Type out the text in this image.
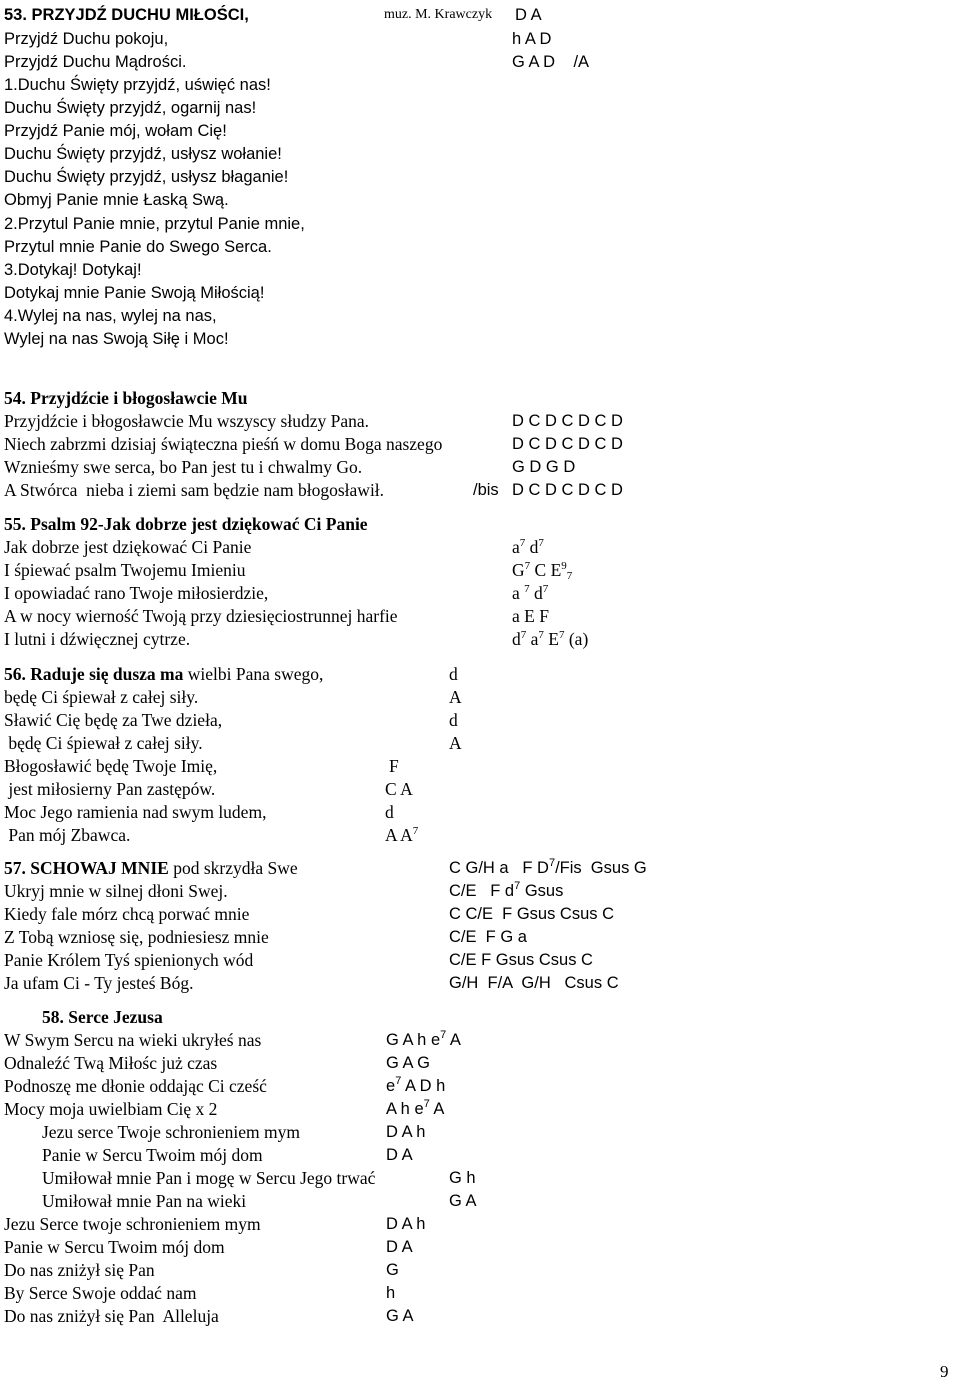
53. PRZYJDŹ DUCHU MIŁOŚCI,	muz. M. Krawczyk D A
Przyjdź Duchu pokoju,	h A D
Przyjdź Duchu Mądrości.	G A D    /A
1.Duchu Święty przyjdź, uświęć nas!
Duchu Święty przyjdź, ogarnij nas!
Przyjdź Panie mój, wołam Cię!
Duchu Święty przyjdź, usłysz wołanie!
Duchu Święty przyjdź, usłysz błaganie!
Obmyj Panie mnie Łaską Swą.
2.Przytul Panie mnie, przytul Panie mnie,
Przytul mnie Panie do Swego Serca.
3.Dotykaj! Dotykaj!
Dotykaj mnie Panie Swoją Miłością!
4.Wylej na nas, wylej na nas,
Wylej na nas Swoją Siłę i Moc!
54. Przyjdźcie i błogosławcie Mu
Przyjdźcie i błogosławcie Mu wszyscy słudzy Pana.	D C D C D C D
Niech zabrzmi dzisiaj świąteczna pieśń w domu Boga naszego	D C D C D C D
Wznieśmy swe serca, bo Pan jest tu i chwalmy Go.	G D G D
A Stwórca  nieba i ziemi sam będzie nam błogosławił.	/bis D C D C D C D
55. Psalm 92-Jak dobrze jest dziękować Ci Panie
Jak dobrze jest dziękować Ci Panie	$a^7$ $d^7$
I śpiewać psalm Twojemu Imieniu	$G^7$ C $E^9_7$
I opowiadać rano Twoje miłosierdzie,	a $^7$ $d^7$
A w nocy wierność Twoją przy dziesięciostrunnej harfie	a E F
I lutni i dźwięcznej cytrze.	$d^7$ $a^7$ $E^7$ (a)
56. Raduje się dusza ma wielbi Pana swego,	d
będę Ci śpiewał z całej siły.	A
Sławić Cię będę za Twe dzieła,	d
będę Ci śpiewał z całej siły.	A
Błogosławić będę Twoje Imię,	F
jest miłosierny Pan zastępów.	C A
Moc Jego ramienia nad swym ludem,	d
Pan mój Zbawca.	A $A^7$
57. SCHOWAJ MNIE pod skrzydła Swe	C G/H a   F $D^7$/Fis  Gsus G
Ukryj mnie w silnej dłoni Swej.	C/E   F $d^7$ Gsus
Kiedy fale mórz chcą porwać mnie	C C/E  F Gsus Csus C
Z Tobą wzniosę się, podniesiesz mnie	C/E  F G a
Panie Królem Tyś spienionych wód	C/E F Gsus Csus C
Ja ufam Ci - Ty jesteś Bóg.	G/H  F/A  G/H   Csus C
58. Serce Jezusa
W Swym Sercu na wieki ukryłeś nas	G A h $e^7$ A
Odnaleźć Twą Miłośc już czas	G A G
Podnoszę me dłonie oddając Ci cześć	$e^7$ A D h
Mocy moja uwielbiam Cię x 2	A h $e^7$ A
Jezu serce Twoje schronieniem mym	D A h
Panie w Sercu Twoim mój dom	D A
Umiłował mnie Pan i mogę w Sercu Jego trwać	G h
Umiłował mnie Pan na wieki	G A
Jezu Serce twoje schronieniem mym	D A h
Panie w Sercu Twoim mój dom	D A
Do nas zniżył się Pan	G
By Serce Swoje oddać nam	h
Do nas zniżył się Pan  Alleluja	G A
9
